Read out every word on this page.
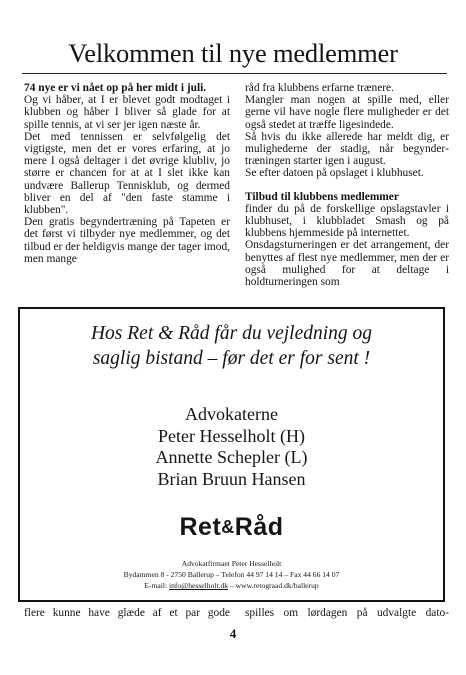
Velkommen til nye medlemmer

74 nye er vi nået op på her midt i juli.

Og vi håber, at I er blevet godt modtaget i klubben og håber I bliver så glade for at spille tennis, at vi ser jer igen næste år.

Det med tennissen er selvfølgelig det vigtigste, men det er vores erfaring, at jo mere I også deltager i det øvrige klubliv, jo større er chancen for at at I slet ikke kan undvære Ballerup Tennisklub, og dermed bliver en del af "den faste stamme i klubben".

Den gratis begyndertræning på Tapeten er det først vi tilbyder nye medlemmer, og det tilbud er der heldigvis mange der tager imod, men mange

råd fra klubbens erfarne trænere.

Mangler man nogen at spille med, eller gerne vil have nogle flere muligheder er det også stedet at træffe ligesindede.

Så hvis du ikke allerede har meldt dig, er mulighederne der stadig, når begyndertræningen starter igen i august.

Se efter datoen på opslaget i klubhuset.

Tilbud til klubbens medlemmer

finder du på de forskellige opslagstavler i klubhuset, i klubbladet Smash og på klubbens hjemmeside på internettet.

Onsdagsturneringen er det arrangement, der benyttes af flest nye medlemmer, men der er også mulighed for at deltage i holdturneringen som

Hos Ret & Råd får du vejledning og
saglig bistand – før det er for sent !
Advokaterne
Peter Hesselholt (H)
Annette Schepler (L)
Brian Bruun Hansen
Ret&Råd
Advokatfirmaet Peter Hesselholt
Bydammen 8 - 2750 Ballerup – Telefon 44 97 14 14 – Fax 44 66 14 07
E-mail: info@hesselholt.dk – www.retograad.dk/ballerup
flere kunne have glæde af et par gode spilles om lørdagen på udvalgte dato-
4
